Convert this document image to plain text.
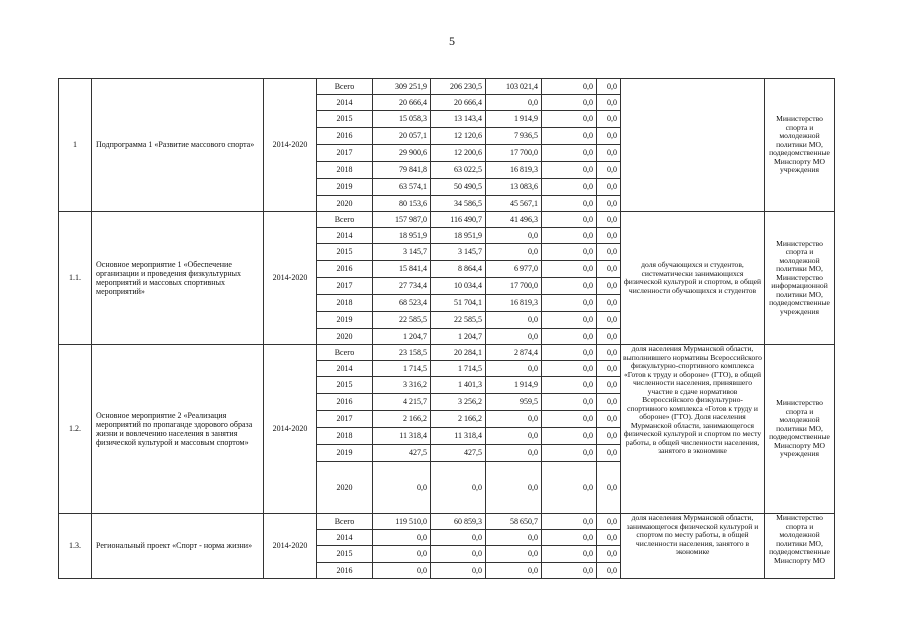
5
1	Подпрограмма 1 «Развитие массового спорта»	2014-2020	Всего	309 251,9	206 230,5	103 021,4	0,0	0,0		Министерство спорта и молодежной политики МО, подведомственные Минспорту МО учреждения
			2014	20 666,4	20 666,4	0,0	0,0	0,0		
			2015	15 058,3	13 143,4	1 914,9	0,0	0,0		
			2016	20 057,1	12 120,6	7 936,5	0,0	0,0		
			2017	29 900,6	12 200,6	17 700,0	0,0	0,0		
			2018	79 841,8	63 022,5	16 819,3	0,0	0,0		
			2019	63 574,1	50 490,5	13 083,6	0,0	0,0		
			2020	80 153,6	34 586,5	45 567,1	0,0	0,0		
1.1.	Основное мероприятие 1 «Обеспечение организации и проведения физкультурных мероприятий и массовых спортивных мероприятий»	2014-2020	Всего	157 987,0	116 490,7	41 496,3	0,0	0,0	доля обучающихся и студентов, систематически занимающихся физической культурой и спортом, в общей численности обучающихся и студентов	Министерство спорта и молодежной политики МО, Министерство информационной политики МО, подведомственные учреждения
			2014	18 951,9	18 951,9	0,0	0,0	0,0		
			2015	3 145,7	3 145,7	0,0	0,0	0,0		
			2016	15 841,4	8 864,4	6 977,0	0,0	0,0		
			2017	27 734,4	10 034,4	17 700,0	0,0	0,0		
			2018	68 523,4	51 704,1	16 819,3	0,0	0,0		
			2019	22 585,5	22 585,5	0,0	0,0	0,0		
			2020	1 204,7	1 204,7	0,0	0,0	0,0		
1.2.	Основное мероприятие 2 «Реализация мероприятий по пропаганде здорового образа жизни и вовлечению населения в занятия физической культурой и массовым спортом»	2014-2020	Всего	23 158,5	20 284,1	2 874,4	0,0	0,0	доля населения Мурманской области, выполнившего нормативы Всероссийского физкультурно-спортивного комплекса «Готов к труду и обороне» (ГТО), в общей численности населения, принявшего участие в сдаче нормативов Всероссийского физкультурно-спортивного комплекса «Готов к труду и обороне» (ГТО). Доля населения Мурманской области, занимающегося физической культурой и спортом по месту работы, в общей численности населения, занятого в экономике	Министерство спорта и молодежной политики МО, подведомственные Минспорту МО учреждения
			2014	1 714,5	1 714,5	0,0	0,0	0,0		
			2015	3 316,2	1 401,3	1 914,9	0,0	0,0		
			2016	4 215,7	3 256,2	959,5	0,0	0,0		
			2017	2 166,2	2 166,2	0,0	0,0	0,0		
			2018	11 318,4	11 318,4	0,0	0,0	0,0		
			2019	427,5	427,5	0,0	0,0	0,0		
			2020	0,0	0,0	0,0	0,0	0,0		
1.3.	Региональный проект «Спорт - норма жизни»	2014-2020	Всего	119 510,0	60 859,3	58 650,7	0,0	0,0	доля населения Мурманской области, занимающегося физической культурой и спортом по месту работы, в общей численности населения, занятого в экономике	Министерство спорта и молодежной политики МО, подведомственные Минспорту МО
			2014	0,0	0,0	0,0	0,0	0,0		
			2015	0,0	0,0	0,0	0,0	0,0		
			2016	0,0	0,0	0,0	0,0	0,0		
